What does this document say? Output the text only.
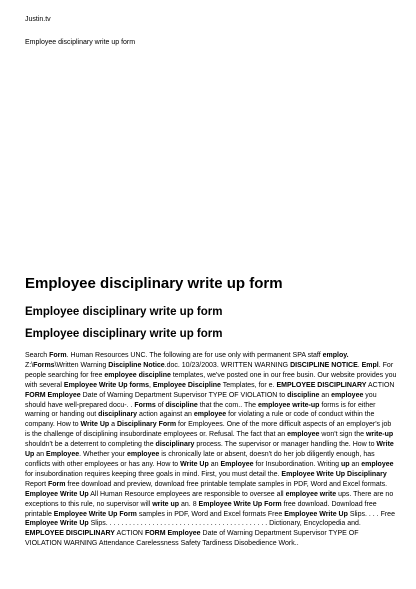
Justin.tv
Employee disciplinary write up form
Employee disciplinary write up form
Employee disciplinary write up form
Employee disciplinary write up form

Search Form. Human Resources UNC. The following are for use only with permanent SPA staff employ. Z:\Forms\Written Warning Discipline Notice.doc. 10/23/2003. WRITTEN WARNING DISCIPLINE NOTICE. Empl. For people searching for free employee discipline templates, we've posted one in our free busin. Our website provides you with several Employee Write Up forms, Employee Discipline Templates, for e. EMPLOYEE DISCIPLINARY ACTION FORM Employee Date of Warning Department Supervisor TYPE OF VIOLATION to discipline an employee you should have well-prepared docu-. . Forms of discipline that the com.. The employee write-up forms is for either warning or handing out disciplinary action against an employee for violating a rule or code of conduct within the company. How to Write Up a Disciplinary Form for Employees. One of the more difficult aspects of an employer's job is the challenge of disciplining insubordinate employees or. Refusal. The fact that an employee won't sign the write-up shouldn't be a deterrent to completing the disciplinary process. The supervisor or manager handling the. How to Write Up an Employee. Whether your employee is chronically late or absent, doesn't do her job diligently enough, has conflicts with other employees or has any. How to Write Up an Employee for Insubordination. Writing up an employee for insubordination requires keeping three goals in mind. First, you must detail the. Employee Write Up Disciplinary Report Form free download and preview, download free printable template samples in PDF, Word and Excel formats. Employee Write Up All Human Resource employees are responsible to oversee all employee write ups. There are no exceptions to this rule, no supervisor will write up an. 8 Employee Write Up Form free download. Download free printable Employee Write Up Form samples in PDF, Word and Excel formats Free Employee Write Up Slips. . . . Free Employee Write Up Slips. . . . . . . . . . . . . . . . . . . . . . . . . . . . . . . . . . . . . . . . . . Dictionary, Encyclopedia and. EMPLOYEE DISCIPLINARY ACTION FORM Employee Date of Warning Department Supervisor TYPE OF VIOLATION WARNING Attendance Carelessness Safety Tardiness Disobedience Work..
